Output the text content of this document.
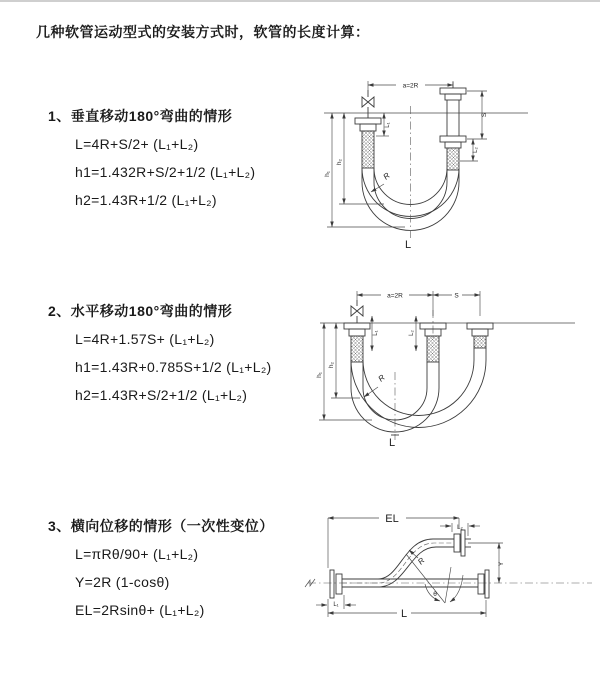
几种软管运动型式的安装方式时，软管的长度计算：
1、垂直移动180°弯曲的情形
L=4R+S/2+ (L₁+L₂)
h1=1.432R+S/2+1/2 (L₁+L₂)
h2=1.43R+1/2 (L₁+L₂)
2、水平移动180°弯曲的情形
L=4R+1.57S+ (L₁+L₂)
h1=1.43R+0.785S+1/2 (L₁+L₂)
h2=1.43R+S/2+1/2 (L₁+L₂)
3、横向位移的情形（一次性变位）
L=πRθ/90+ (L₁+L₂)
Y=2R (1-cosθ)
EL=2Rsinθ+ (L₁+L₂)
a=2R
h₁
h₂
L₁
S
L₂
R
L
a=2R	S
h₁
h₂
L₁	L₂
R
L
θ
EL
L₂
Y
R
L
L₁
